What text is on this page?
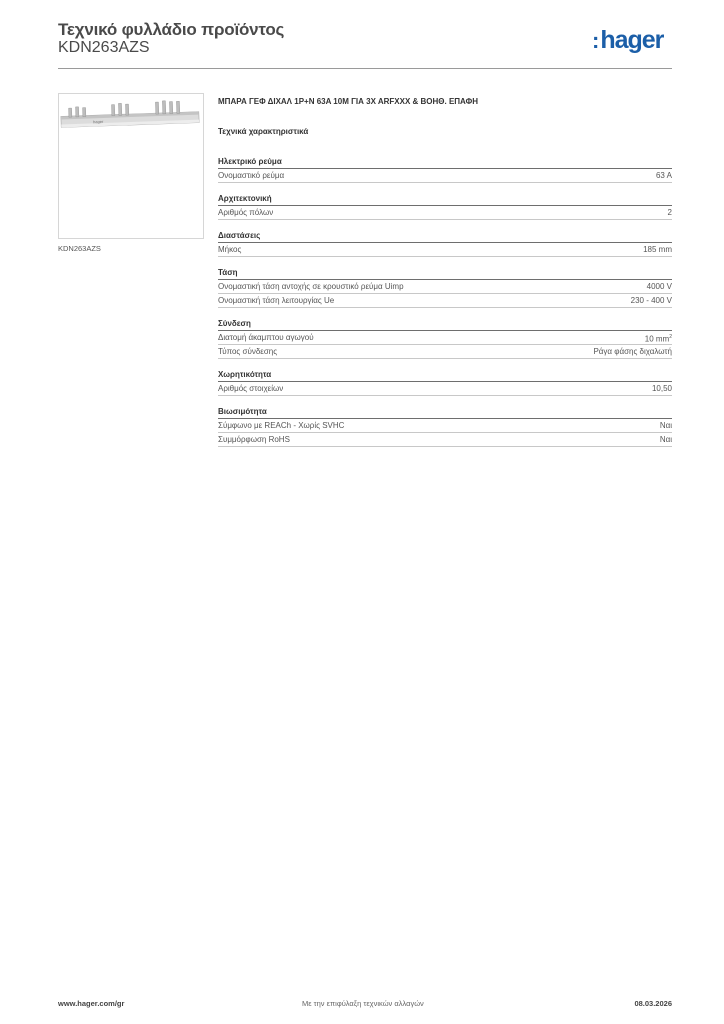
Τεχνικό φυλλάδιο προϊόντος
KDN263AZS	:hager
hager
KDN263AZS
ΜΠΑΡΑ ΓΕΦ ΔΙΧΑΛ 1P+N 63A 10M ΓΙΑ 3X ARFXXX & ΒΟΗΘ. ΕΠΑΦΗ
Τεχνικά χαρακτηριστικά
Ηλεκτρικό ρεύμα
Ονομαστικό ρεύμα	63 A
Αρχιτεκτονική
Αριθμός πόλων	2
Διαστάσεις
Μήκος	185 mm
Τάση
Ονομαστική τάση αντοχής σε κρουστικό ρεύμα Uimp	4000 V
Ονομαστική τάση λειτουργίας Ue	230 - 400 V
Σύνδεση
Διατομή άκαμπτου αγωγού	10 $mm^2$
Τύπος σύνδεσης	Ράγα φάσης διχαλωτή
Χωρητικότητα
Αριθμός στοιχείων	10,50
Βιωσιμότητα
Σύμφωνο με REACh - Χωρίς SVHC	Ναι
Συμμόρφωση RoHS	Ναι
www.hager.com/gr	Με την επιφύλαξη τεχνικών αλλαγών	08.03.2026
